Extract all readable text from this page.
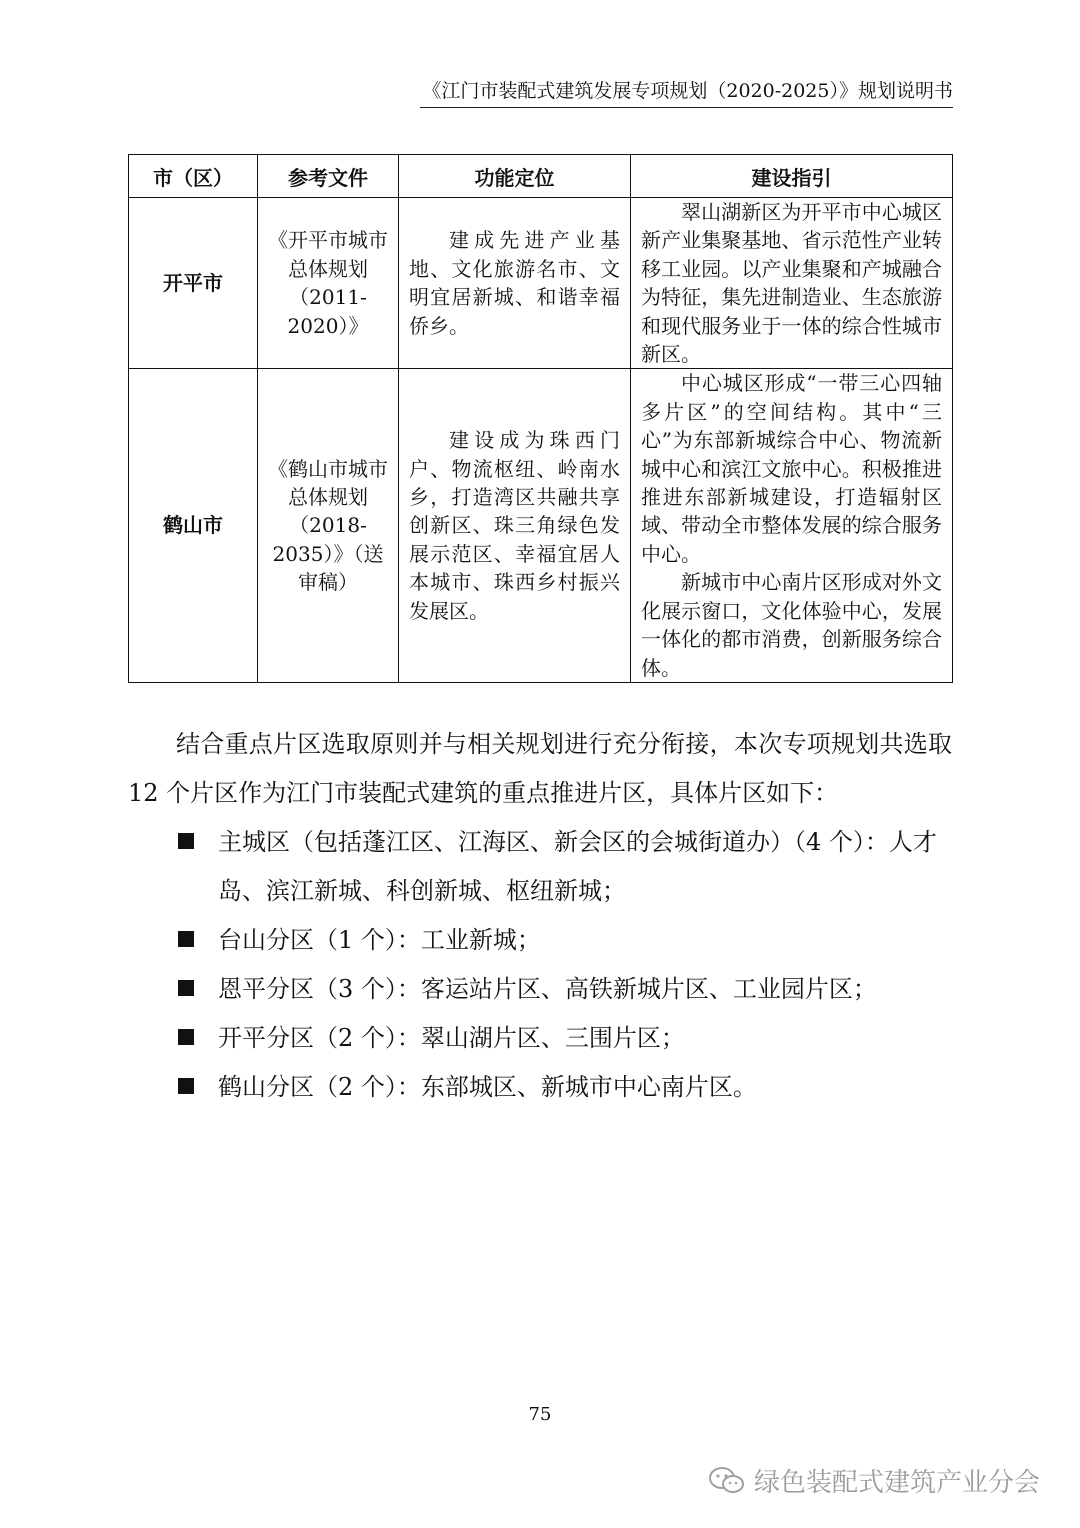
《江门市装配式建筑发展专项规划（2020-2025）》规划说明书
市（区）	参考文件	功能定位	建设指引
开平市	《开平市城市总体规划（2011-2020）》	建成先进产业基地、文化旅游名市、文明宜居新城、和谐幸福侨乡。	翠山湖新区为开平市中心城区新产业集聚基地、省示范性产业转移工业园。以产业集聚和产城融合为特征，集先进制造业、生态旅游和现代服务业于一体的综合性城市新区。

鹤山市	《鹤山市城市总体规划（2018-2035）》（送审稿）	建设成为珠西门户、物流枢纽、岭南水乡，打造湾区共融共享创新区、珠三角绿色发展示范区、幸福宜居人本城市、珠西乡村振兴发展区。	中心城区形成“一带三心四轴多片区”的空间结构。其中“三心”为东部新城综合中心、物流新城中心和滨江文旅中心。积极推进推进东部新城建设，打造辐射区域、带动全市整体发展的综合服务中心。

新城市中心南片区形成对外文化展示窗口，文化体验中心，发展一体化的都市消费，创新服务综合体。

结合重点片区选取原则并与相关规划进行充分衔接，本次专项规划共选取 12 个片区作为江门市装配式建筑的重点推进片区，具体片区如下：

主城区（包括蓬江区、江海区、新会区的会城街道办）（4 个）：人才岛、滨江新城、科创新城、枢纽新城；
台山分区（1 个）：工业新城；
恩平分区（3 个）：客运站片区、高铁新城片区、工业园片区；
开平分区（2 个）：翠山湖片区、三围片区；
鹤山分区（2 个）：东部城区、新城市中心南片区。
75
绿色装配式建筑产业分会
